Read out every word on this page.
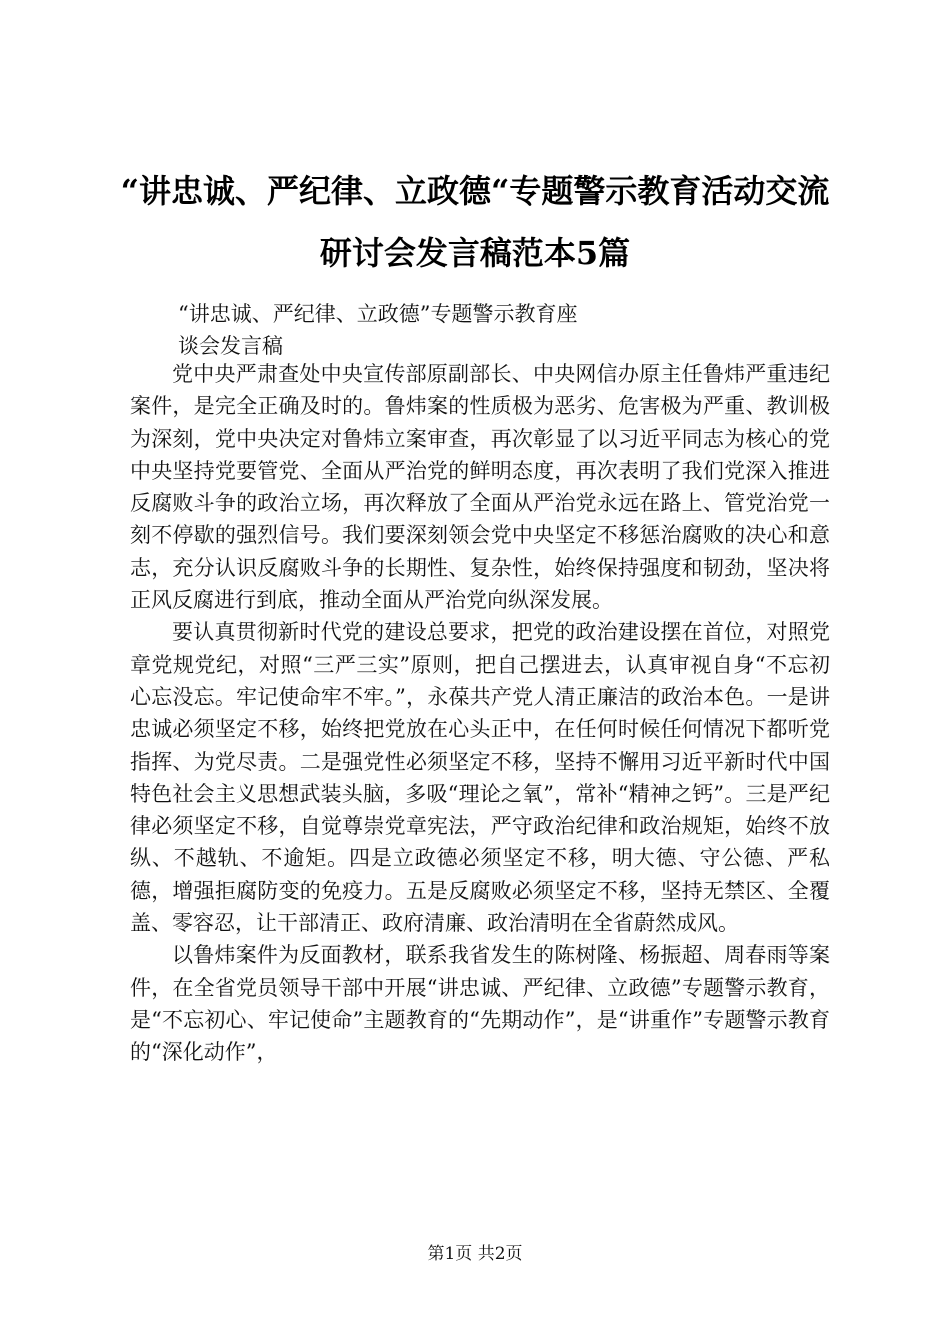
“讲忠诚、严纪律、立政德“专题警示教育活动交流研讨会发言稿范本5篇
“讲忠诚、严纪律、立政德”专题警示教育座
谈会发言稿

党中央严肃查处中央宣传部原副部长、中央网信办原主任鲁炜严重违纪案件，是完全正确及时的。鲁炜案的性质极为恶劣、危害极为严重、教训极为深刻，党中央决定对鲁炜立案审查，再次彰显了以习近平同志为核心的党中央坚持党要管党、全面从严治党的鲜明态度，再次表明了我们党深入推进反腐败斗争的政治立场，再次释放了全面从严治党永远在路上、管党治党一刻不停歇的强烈信号。我们要深刻领会党中央坚定不移惩治腐败的决心和意志，充分认识反腐败斗争的长期性、复杂性，始终保持强度和韧劲，坚决将正风反腐进行到底，推动全面从严治党向纵深发展。

要认真贯彻新时代党的建设总要求，把党的政治建设摆在首位，对照党章党规党纪，对照“三严三实”原则，把自己摆进去，认真审视自身“不忘初心忘没忘。牢记使命牢不牢。”，永葆共产党人清正廉洁的政治本色。一是讲忠诚必须坚定不移，始终把党放在心头正中，在任何时候任何情况下都听党指挥、为党尽责。二是强党性必须坚定不移，坚持不懈用习近平新时代中国特色社会主义思想武装头脑，多吸“理论之氧”，常补“精神之钙”。三是严纪律必须坚定不移，自觉尊崇党章宪法，严守政治纪律和政治规矩，始终不放纵、不越轨、不逾矩。四是立政德必须坚定不移，明大德、守公德、严私德，增强拒腐防变的免疫力。五是反腐败必须坚定不移，坚持无禁区、全覆盖、零容忍，让干部清正、政府清廉、政治清明在全省蔚然成风。

以鲁炜案件为反面教材，联系我省发生的陈树隆、杨振超、周春雨等案件，在全省党员领导干部中开展“讲忠诚、严纪律、立政德”专题警示教育，是“不忘初心、牢记使命”主题教育的“先期动作”，是“讲重作”专题警示教育的“深化动作”，

第1页 共2页
